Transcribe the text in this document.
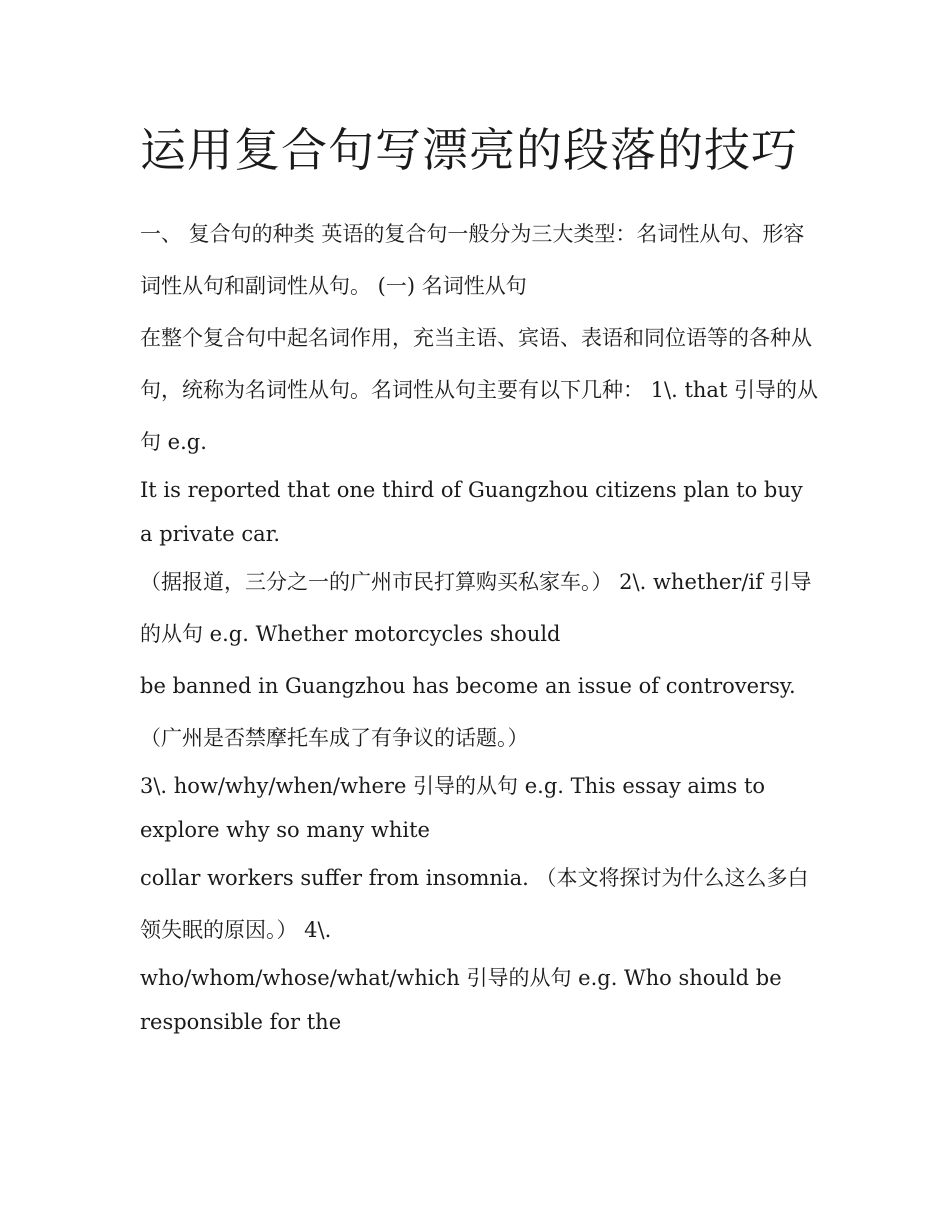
运用复合句写漂亮的段落的技巧

一、 复合句的种类 英语的复合句一般分为三大类型：名词性从句、形容词性从句和副词性从句。 (一) 名词性从句

在整个复合句中起名词作用，充当主语、宾语、表语和同位语等的各种从句，统称为名词性从句。名词性从句主要有以下几种： 1\. that 引导的从句 e.g.

It is reported that one third of Guangzhou citizens plan to buy a private car.

（据报道，三分之一的广州市民打算购买私家车。） 2\. whether/if 引导的从句 e.g. Whether motorcycles should

be banned in Guangzhou has become an issue of controversy.（广州是否禁摩托车成了有争议的话题。）

3\. how/why/when/where 引导的从句 e.g. This essay aims to explore why so many white

collar workers suffer from insomnia. （本文将探讨为什么这么多白领失眠的原因。） 4\.

who/whom/whose/what/which 引导的从句 e.g. Who should be responsible for the
